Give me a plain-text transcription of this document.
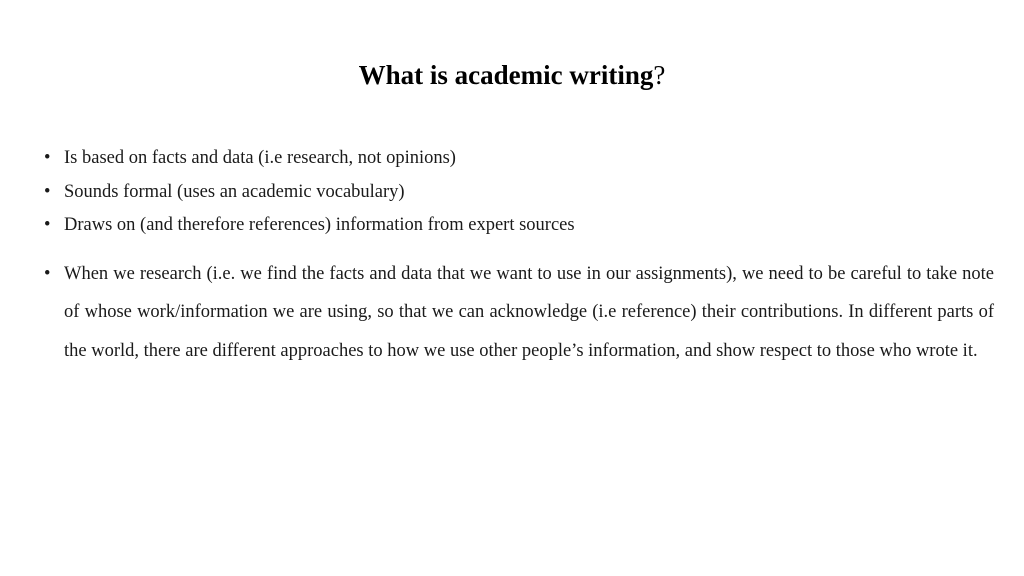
What is academic writing?
• Is based on facts and data (i.e research, not opinions)
• Sounds formal (uses an academic vocabulary)
• Draws on (and therefore references) information from expert sources
• When we research (i.e. we find the facts and data that we want to use in our assignments), we need to be careful to take note of whose work/information we are using, so that we can acknowledge (i.e reference) their contributions. In different parts of the world, there are different approaches to how we use other people’s information, and show respect to those who wrote it.
